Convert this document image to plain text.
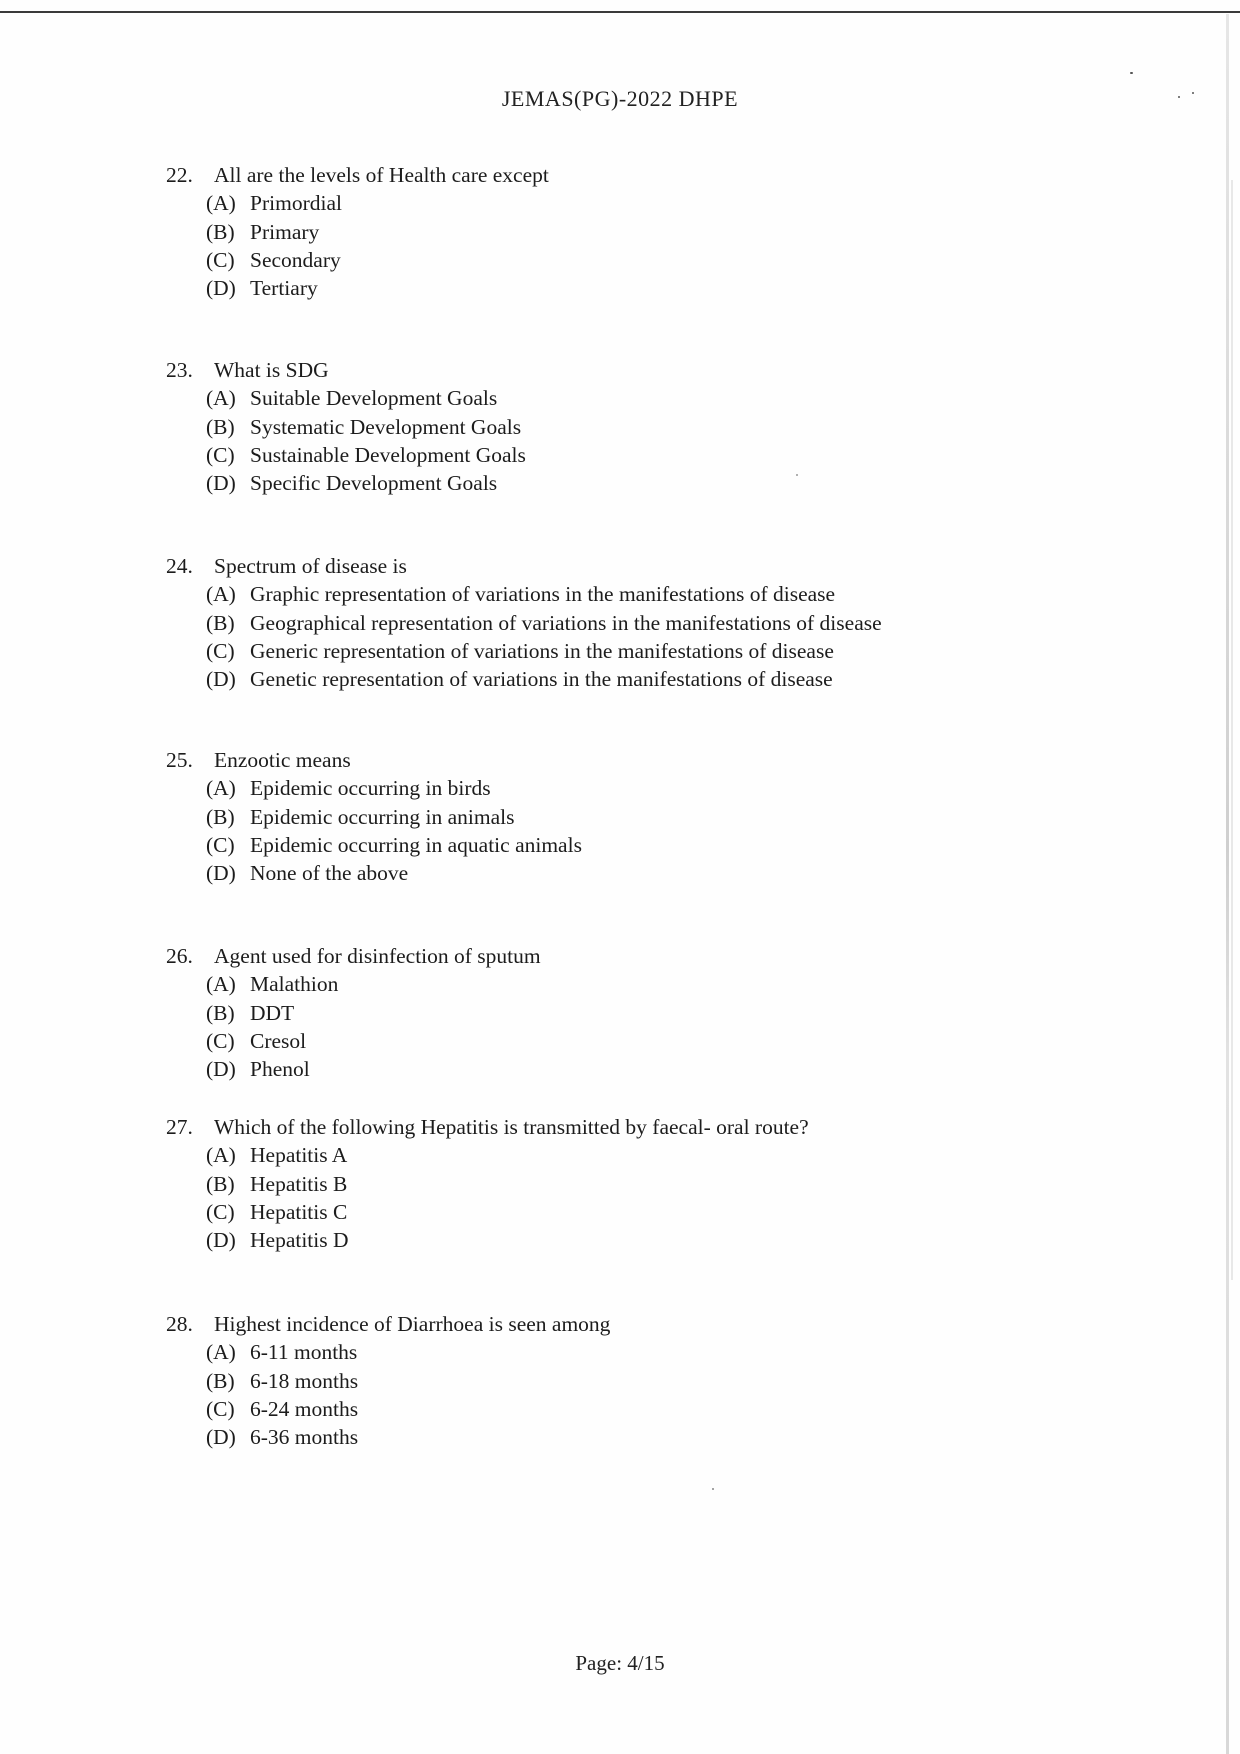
JEMAS(PG)-2022 DHPE
22. All are the levels of Health care except
(A) Primordial
(B) Primary
(C) Secondary
(D) Tertiary
23. What is SDG
(A) Suitable Development Goals
(B) Systematic Development Goals
(C) Sustainable Development Goals
(D) Specific Development Goals
24. Spectrum of disease is
(A) Graphic representation of variations in the manifestations of disease
(B) Geographical representation of variations in the manifestations of disease
(C) Generic representation of variations in the manifestations of disease
(D) Genetic representation of variations in the manifestations of disease
25. Enzootic means
(A) Epidemic occurring in birds
(B) Epidemic occurring in animals
(C) Epidemic occurring in aquatic animals
(D) None of the above
26. Agent used for disinfection of sputum
(A) Malathion
(B) DDT
(C) Cresol
(D) Phenol
27. Which of the following Hepatitis is transmitted by faecal- oral route?
(A) Hepatitis A
(B) Hepatitis B
(C) Hepatitis C
(D) Hepatitis D
28. Highest incidence of Diarrhoea is seen among
(A) 6-11 months
(B) 6-18 months
(C) 6-24 months
(D) 6-36 months
Page: 4/15
